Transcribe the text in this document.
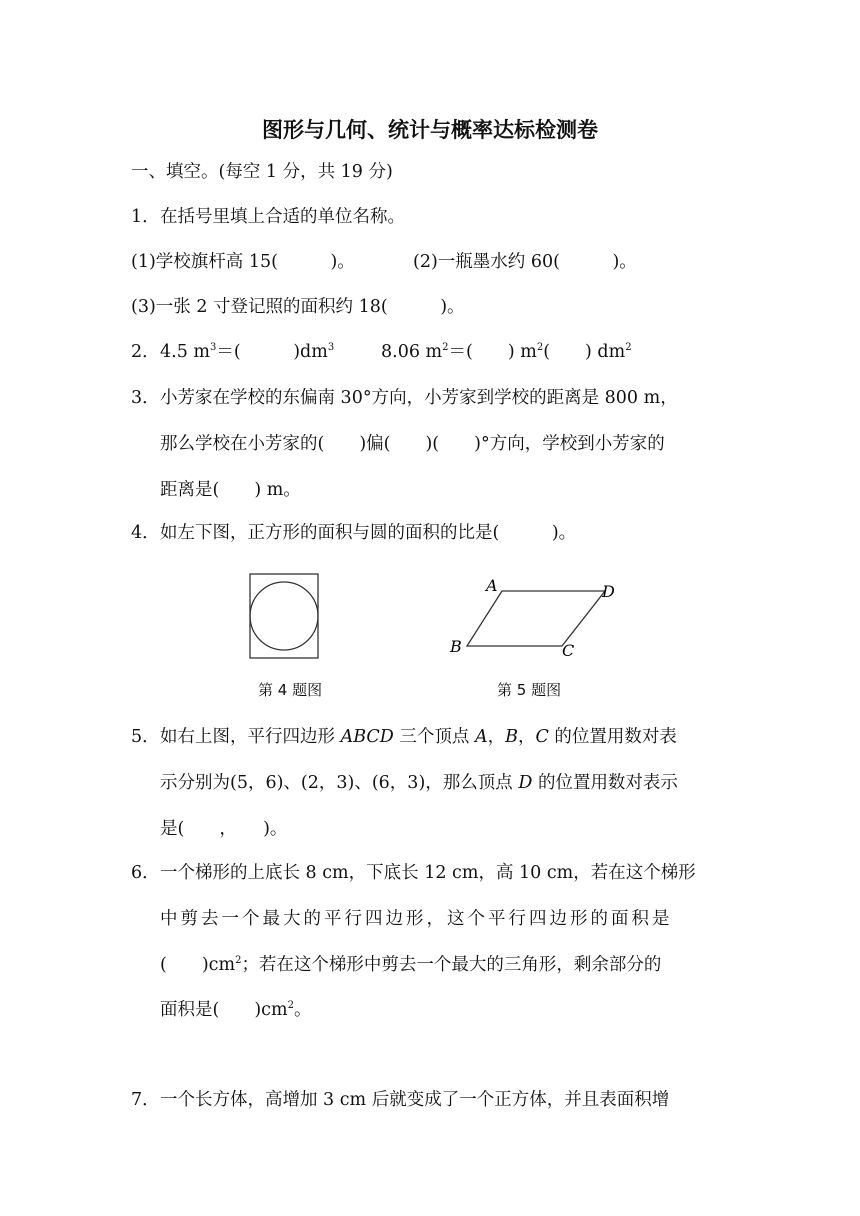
图形与几何、统计与概率达标检测卷
一、填空。(每空 1 分，共 19 分)
1．在括号里填上合适的单位名称。
(1)学校旗杆高 15(　　　)。	(2)一瓶墨水约 60(　　　)。
(3)一张 2 寸登记照的面积约 18(　　　)。
2．4.5 $m^3=$(　　　)$dm^3$	8.06 $m^2=$(　　) $m^2$(　　) $dm^2$
3．小芳家在学校的东偏南 30°方向，小芳家到学校的距离是 800 m，
那么学校在小芳家的(　　)偏(　　)(　　)°方向，学校到小芳家的
距离是(　　) m。
4．如左下图，正方形的面积与圆的面积的比是(　　　)。
第 4 题图
A	D
B	C
第 5 题图
5．如右上图，平行四边形 ABCD 三个顶点 A，B，C 的位置用数对表
示分别为(5，6)、(2，3)、(6，3)，那么顶点 D 的位置用数对表示
是(　　，　　)。
6．一个梯形的上底长 8 cm，下底长 12 cm，高 10 cm，若在这个梯形
中剪去一个最大的平行四边形，这个平行四边形的面积是
(　　)$cm^2$；若在这个梯形中剪去一个最大的三角形，剩余部分的
面积是(　　)$cm^2$。
7．一个长方体，高增加 3 cm 后就变成了一个正方体，并且表面积增
